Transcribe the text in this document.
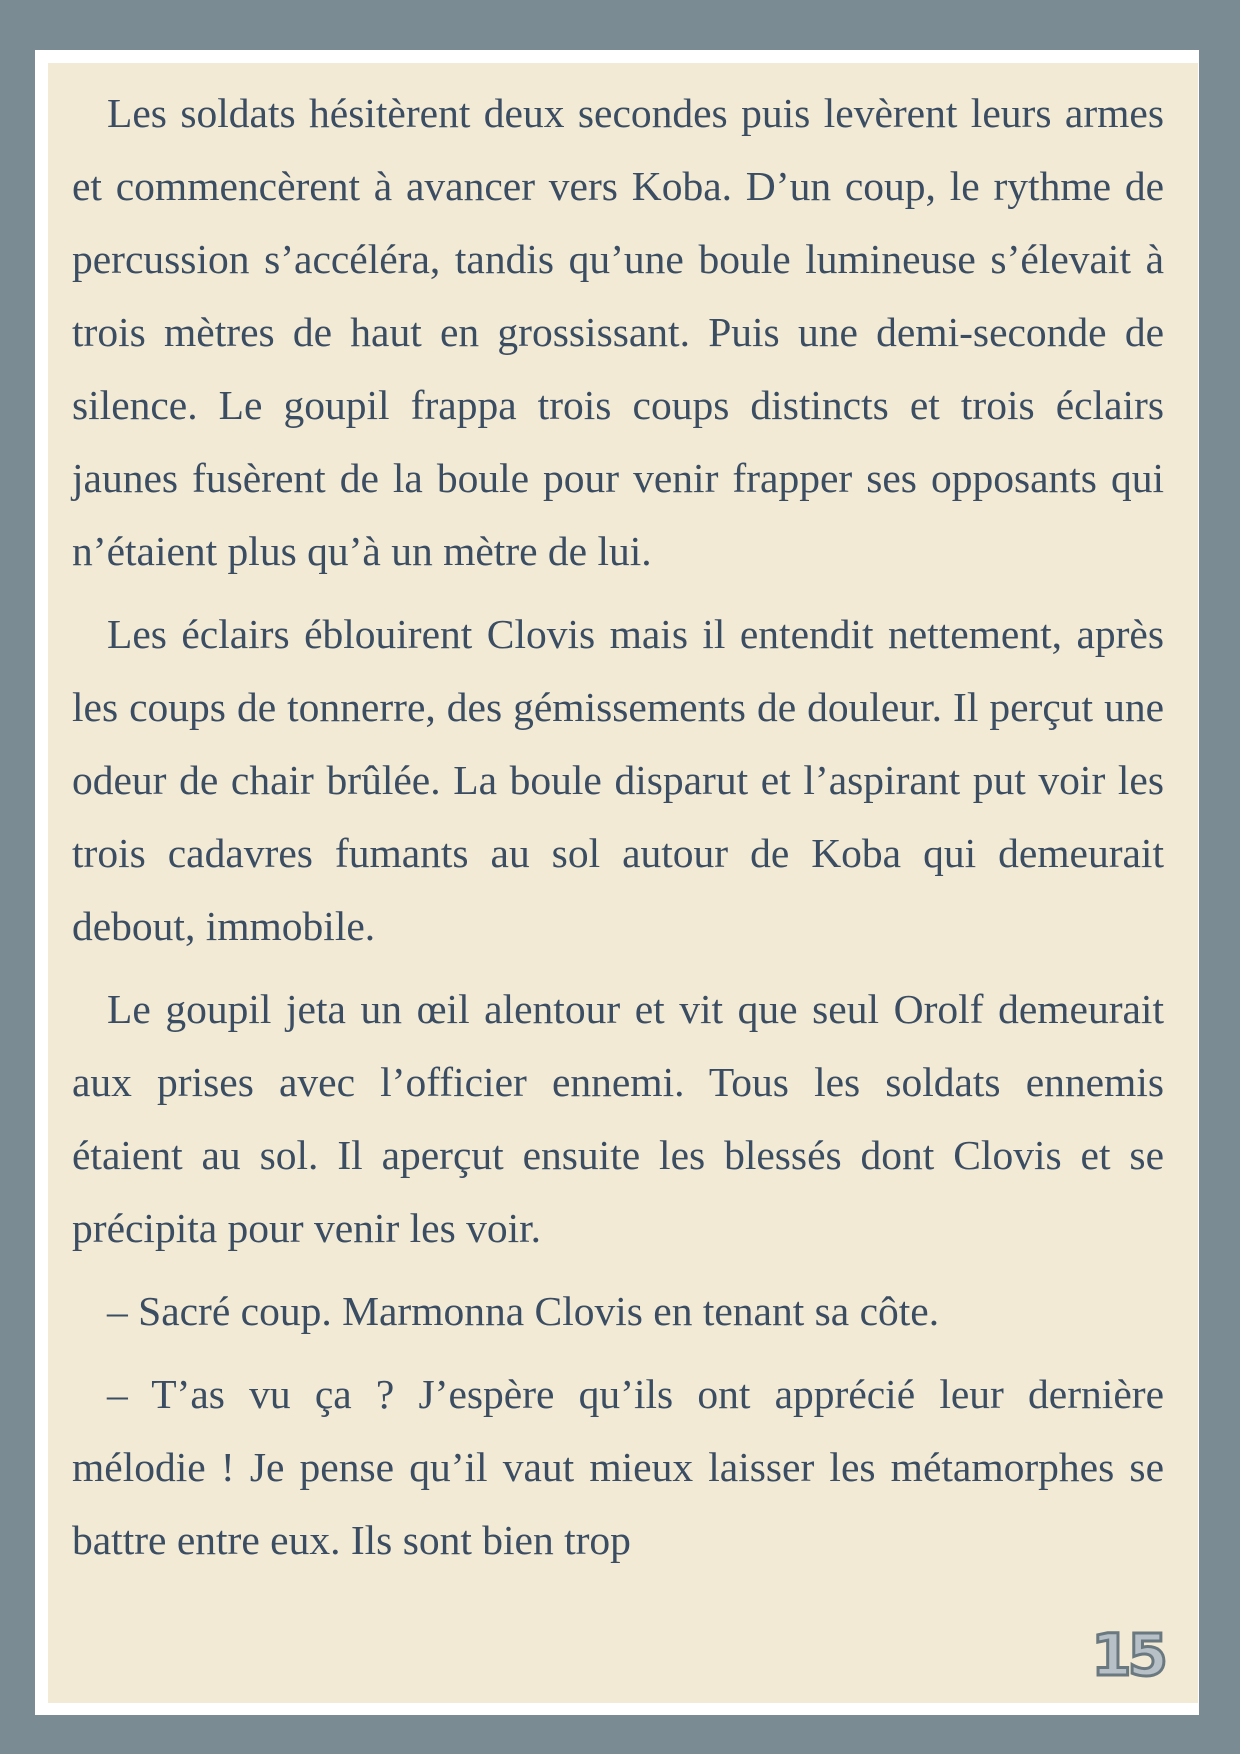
Les soldats hésitèrent deux secondes puis levèrent leurs armes et commencèrent à avancer vers Koba. D’un coup, le rythme de percussion s’accéléra, tandis qu’une boule lumineuse s’élevait à trois mètres de haut en grossissant. Puis une demi-seconde de silence. Le goupil frappa trois coups distincts et trois éclairs jaunes fusèrent de la boule pour venir frapper ses opposants qui n’étaient plus qu’à un mètre de lui.

Les éclairs éblouirent Clovis mais il entendit nettement, après les coups de tonnerre, des gémissements de douleur. Il perçut une odeur de chair brûlée. La boule disparut et l’aspirant put voir les trois cadavres fumants au sol autour de Koba qui demeurait debout, immobile.

Le goupil jeta un œil alentour et vit que seul Orolf demeurait aux prises avec l’officier ennemi. Tous les soldats ennemis étaient au sol. Il aperçut ensuite les blessés dont Clovis et se précipita pour venir les voir.

– Sacré coup. Marmonna Clovis en tenant sa côte.

– T’as vu ça ? J’espère qu’ils ont apprécié leur dernière mélodie ! Je pense qu’il vaut mieux laisser les métamorphes se battre entre eux. Ils sont bien trop

15
